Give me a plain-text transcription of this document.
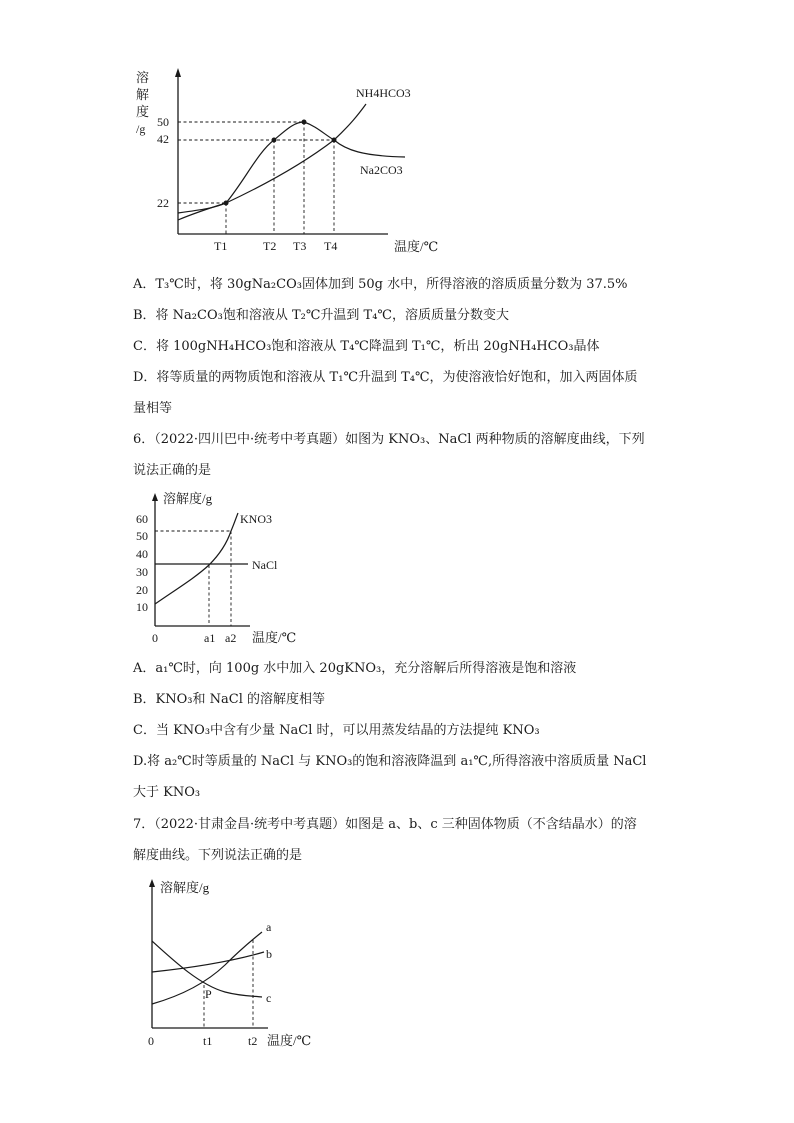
溶
解
度
/g 50
42
22
T1	T2 T3 T4	温度/℃
NH4HCO3
Na2CO3
溶解度/g
60
50
40
30
20
10
0	a1 a2 温度/℃
KNO3
NaCl
溶解度/g
0
a
b
c
P
t1	t2 温度/℃
A．T₃℃时，将 30gNa₂CO₃固体加到 50g 水中，所得溶液的溶质质量分数为 37.5%
B．将 Na₂CO₃饱和溶液从 T₂℃升温到 T₄℃，溶质质量分数变大
C．将 100gNH₄HCO₃饱和溶液从 T₄℃降温到 T₁℃，析出 20gNH₄HCO₃晶体
D．将等质量的两物质饱和溶液从 T₁℃升温到 T₄℃，为使溶液恰好饱和，加入两固体质
量相等
6．（2022·四川巴中·统考中考真题）如图为 KNO₃、NaCl 两种物质的溶解度曲线，下列
说法正确的是
A．a₁℃时，向 100g 水中加入 20gKNO₃，充分溶解后所得溶液是饱和溶液
B．KNO₃和 NaCl 的溶解度相等
C．当 KNO₃中含有少量 NaCl 时，可以用蒸发结晶的方法提纯 KNO₃
D.将 a₂℃时等质量的 NaCl 与 KNO₃的饱和溶液降温到 a₁℃,所得溶液中溶质质量 NaCl
大于 KNO₃
7．（2022·甘肃金昌·统考中考真题）如图是 a、b、c 三种固体物质（不含结晶水）的溶
解度曲线。下列说法正确的是
